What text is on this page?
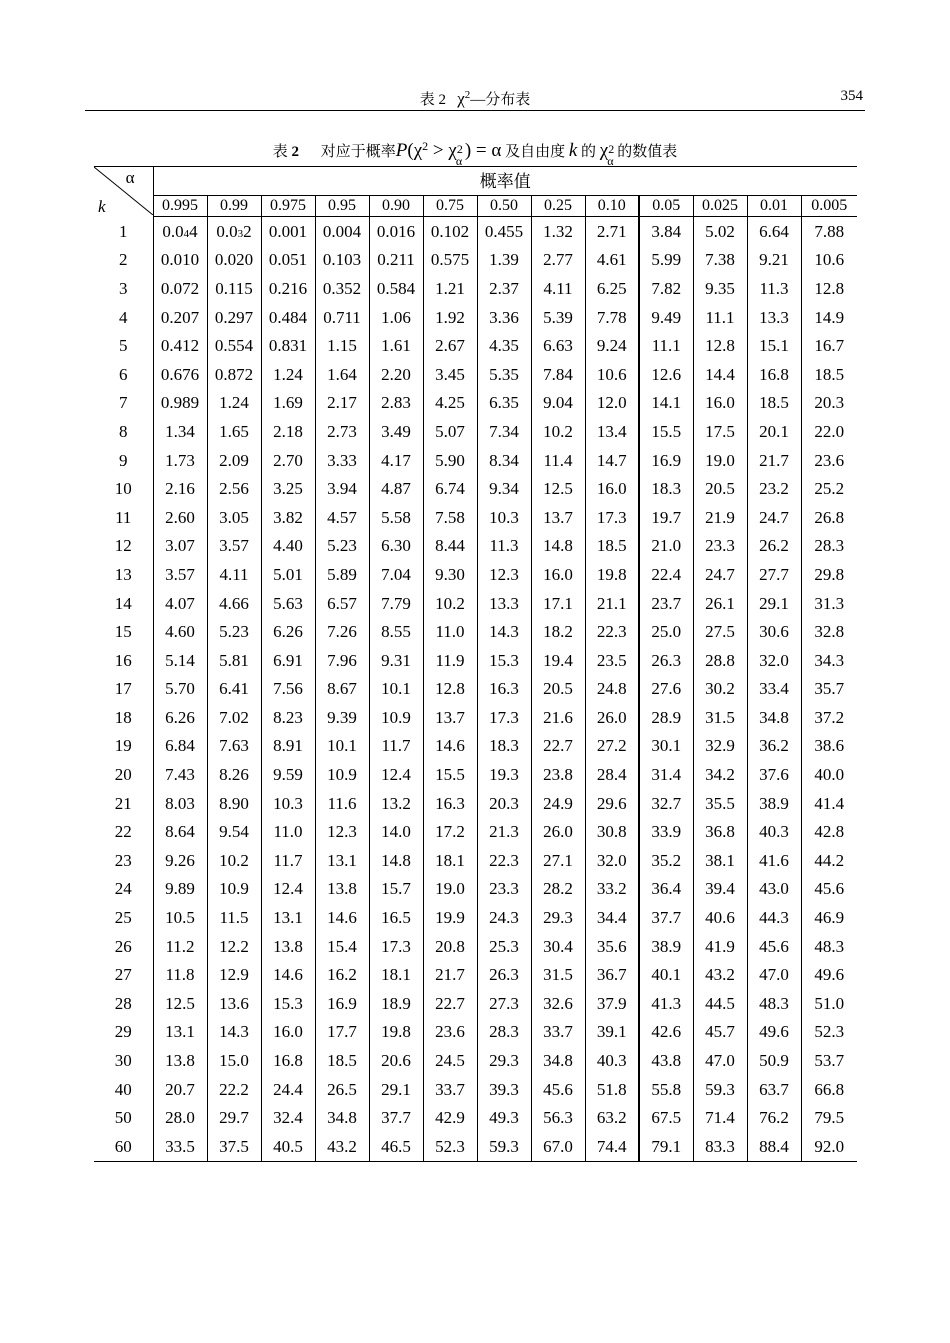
表 2 $\chi^2—$分布表	354
表 2 对应于概率$P(\chi^2 > \chi$ 2
α ) = α 及自由度 k 的 χ 2
α
的数值表
α
k	概率值												
	0.995	0.99	0.975	0.95	0.90	0.75	0.50	0.25	0.10	0.05	0.025	0.01	0.005
1	0.044	0.032	0.001	0.004	0.016	0.102	0.455	1.32	2.71	3.84	5.02	6.64	7.88
2	0.010	0.020	0.051	0.103	0.211	0.575	1.39	2.77	4.61	5.99	7.38	9.21	10.6
3	0.072	0.115	0.216	0.352	0.584	1.21	2.37	4.11	6.25	7.82	9.35	11.3	12.8
4	0.207	0.297	0.484	0.711	1.06	1.92	3.36	5.39	7.78	9.49	11.1	13.3	14.9
5	0.412	0.554	0.831	1.15	1.61	2.67	4.35	6.63	9.24	11.1	12.8	15.1	16.7
6	0.676	0.872	1.24	1.64	2.20	3.45	5.35	7.84	10.6	12.6	14.4	16.8	18.5
7	0.989	1.24	1.69	2.17	2.83	4.25	6.35	9.04	12.0	14.1	16.0	18.5	20.3
8	1.34	1.65	2.18	2.73	3.49	5.07	7.34	10.2	13.4	15.5	17.5	20.1	22.0
9	1.73	2.09	2.70	3.33	4.17	5.90	8.34	11.4	14.7	16.9	19.0	21.7	23.6
10	2.16	2.56	3.25	3.94	4.87	6.74	9.34	12.5	16.0	18.3	20.5	23.2	25.2
11	2.60	3.05	3.82	4.57	5.58	7.58	10.3	13.7	17.3	19.7	21.9	24.7	26.8
12	3.07	3.57	4.40	5.23	6.30	8.44	11.3	14.8	18.5	21.0	23.3	26.2	28.3
13	3.57	4.11	5.01	5.89	7.04	9.30	12.3	16.0	19.8	22.4	24.7	27.7	29.8
14	4.07	4.66	5.63	6.57	7.79	10.2	13.3	17.1	21.1	23.7	26.1	29.1	31.3
15	4.60	5.23	6.26	7.26	8.55	11.0	14.3	18.2	22.3	25.0	27.5	30.6	32.8
16	5.14	5.81	6.91	7.96	9.31	11.9	15.3	19.4	23.5	26.3	28.8	32.0	34.3
17	5.70	6.41	7.56	8.67	10.1	12.8	16.3	20.5	24.8	27.6	30.2	33.4	35.7
18	6.26	7.02	8.23	9.39	10.9	13.7	17.3	21.6	26.0	28.9	31.5	34.8	37.2
19	6.84	7.63	8.91	10.1	11.7	14.6	18.3	22.7	27.2	30.1	32.9	36.2	38.6
20	7.43	8.26	9.59	10.9	12.4	15.5	19.3	23.8	28.4	31.4	34.2	37.6	40.0
21	8.03	8.90	10.3	11.6	13.2	16.3	20.3	24.9	29.6	32.7	35.5	38.9	41.4
22	8.64	9.54	11.0	12.3	14.0	17.2	21.3	26.0	30.8	33.9	36.8	40.3	42.8
23	9.26	10.2	11.7	13.1	14.8	18.1	22.3	27.1	32.0	35.2	38.1	41.6	44.2
24	9.89	10.9	12.4	13.8	15.7	19.0	23.3	28.2	33.2	36.4	39.4	43.0	45.6
25	10.5	11.5	13.1	14.6	16.5	19.9	24.3	29.3	34.4	37.7	40.6	44.3	46.9
26	11.2	12.2	13.8	15.4	17.3	20.8	25.3	30.4	35.6	38.9	41.9	45.6	48.3
27	11.8	12.9	14.6	16.2	18.1	21.7	26.3	31.5	36.7	40.1	43.2	47.0	49.6
28	12.5	13.6	15.3	16.9	18.9	22.7	27.3	32.6	37.9	41.3	44.5	48.3	51.0
29	13.1	14.3	16.0	17.7	19.8	23.6	28.3	33.7	39.1	42.6	45.7	49.6	52.3
30	13.8	15.0	16.8	18.5	20.6	24.5	29.3	34.8	40.3	43.8	47.0	50.9	53.7
40	20.7	22.2	24.4	26.5	29.1	33.7	39.3	45.6	51.8	55.8	59.3	63.7	66.8
50	28.0	29.7	32.4	34.8	37.7	42.9	49.3	56.3	63.2	67.5	71.4	76.2	79.5
60	33.5	37.5	40.5	43.2	46.5	52.3	59.3	67.0	74.4	79.1	83.3	88.4	92.0
